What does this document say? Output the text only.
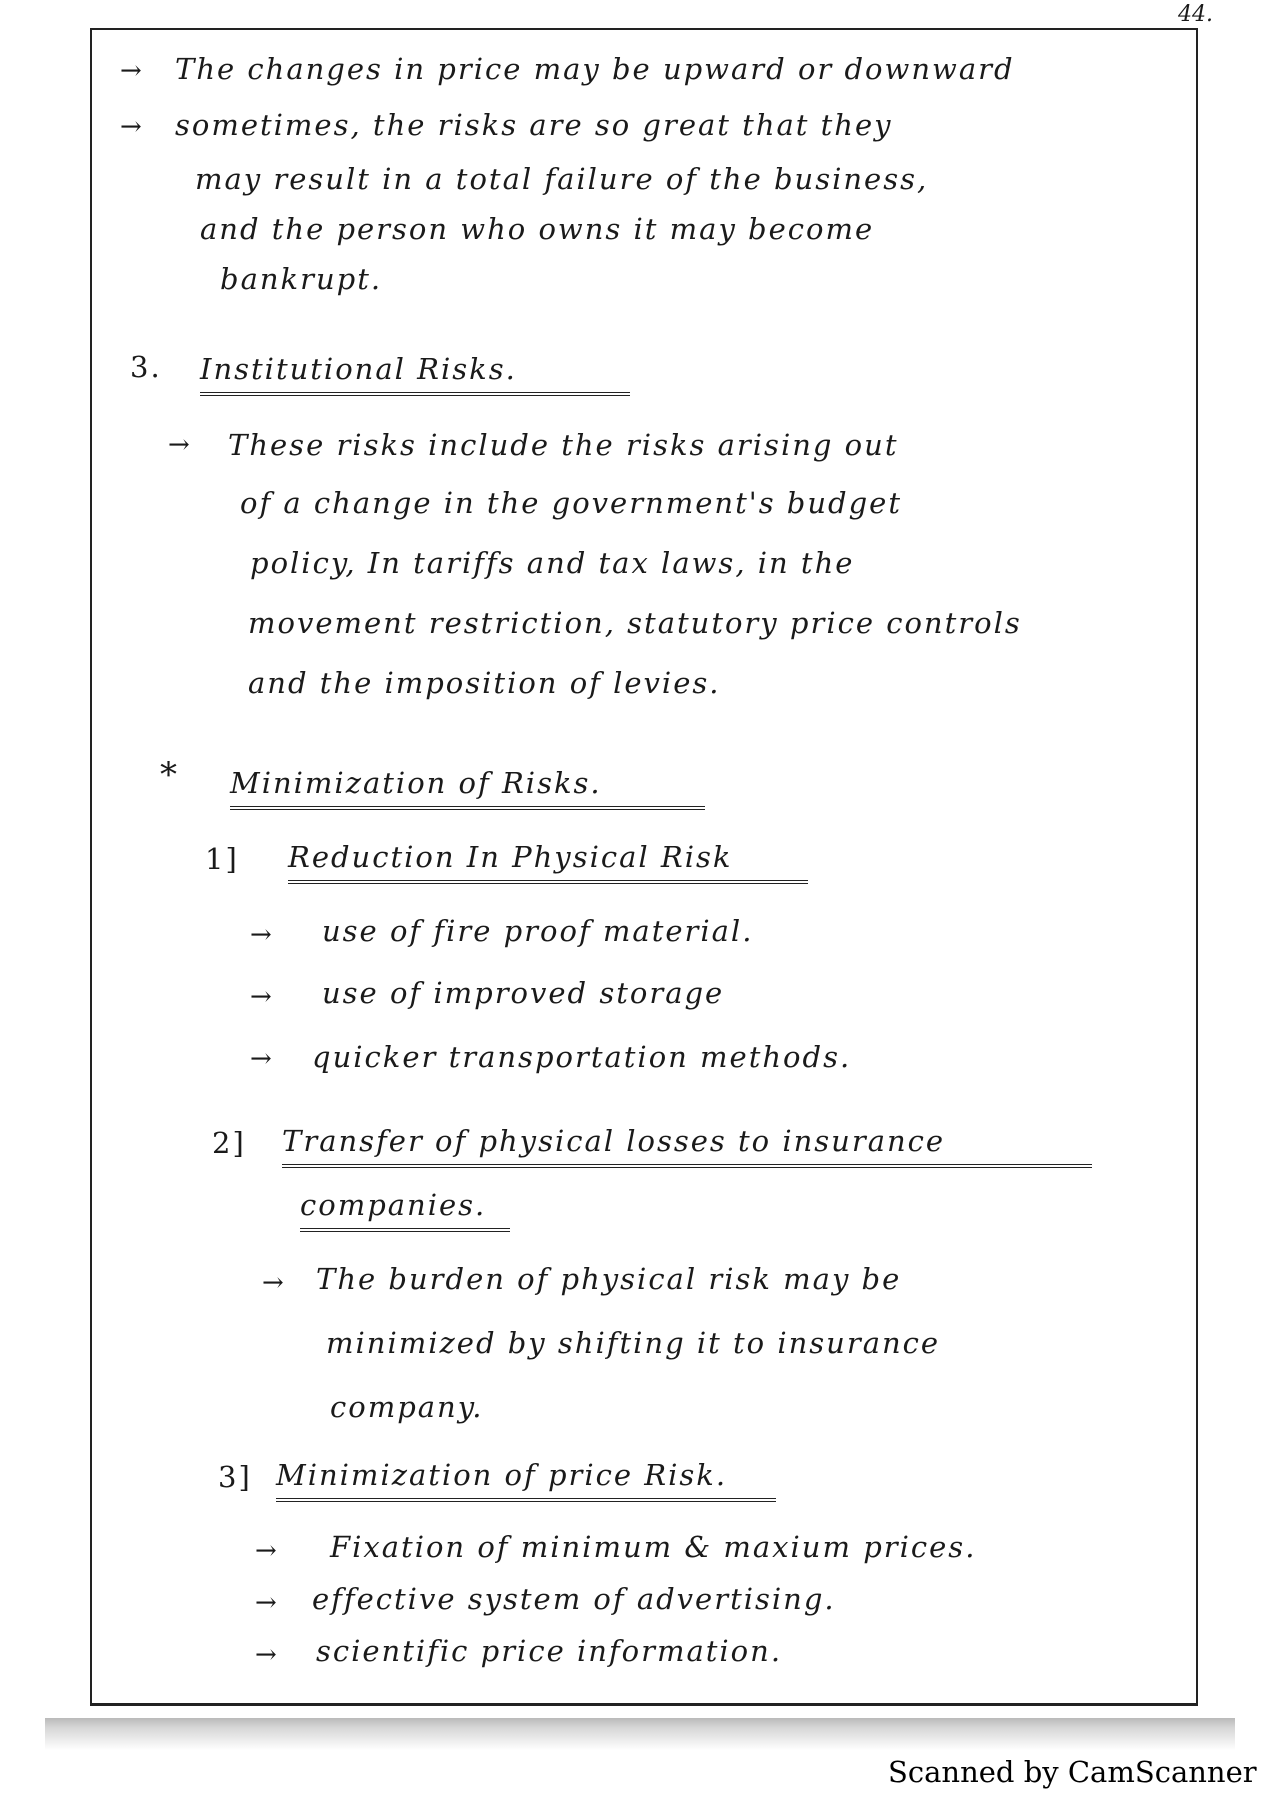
44.
→ The changes in price may be upward or downward
→ sometimes, the risks are so great that they
may result in a total failure of the business,
and the person who owns it may become
bankrupt.
3. Institutional Risks.
→ These risks include the risks arising out
of a change in the government's budget
policy, In tariffs and tax laws, in the
movement restriction, statutory price controls
and the imposition of levies.
* Minimization of Risks.
1] Reduction In Physical Risk
→ use of fire proof material.
→ use of improved storage
→ quicker transportation methods.
2] Transfer of physical losses to insurance
companies.
→ The burden of physical risk may be
minimized by shifting it to insurance
company.
3] Minimization of price Risk.
→ Fixation of minimum & maxium prices.
→ effective system of advertising.
→ scientific price information.
Scanned by CamScanner
